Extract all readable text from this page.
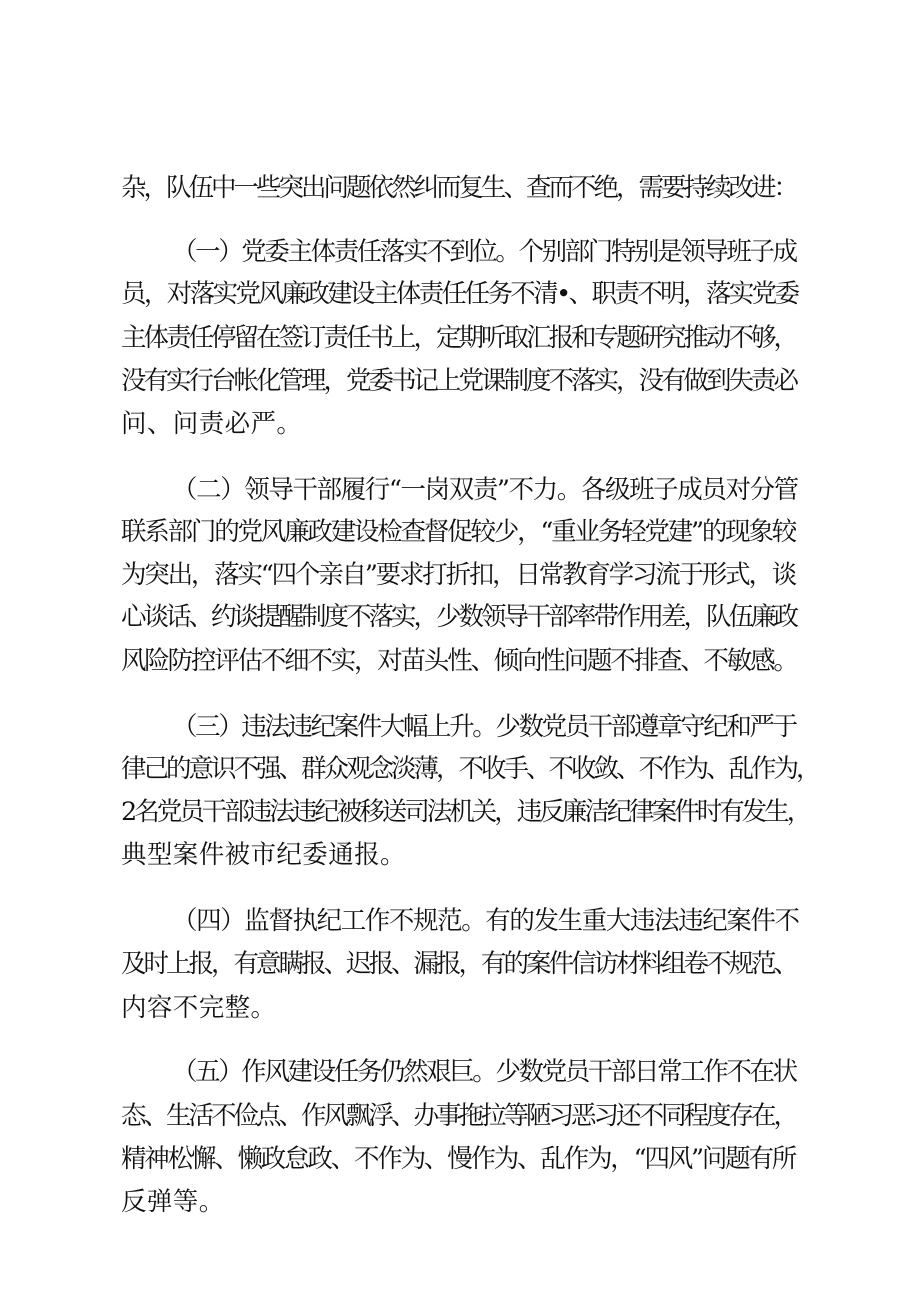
杂，队伍中一些突出问题依然纠而复生、查而不绝，需要持续改进：
（一）党委主体责任落实不到位。个别部门特别是领导班子成
员，对落实党风廉政建设主体责任任务不清•、职责不明，落实党委
主体责任停留在签订责任书上，定期听取汇报和专题研究推动不够，
没有实行台帐化管理，党委书记上党课制度不落实，没有做到失责必
问、问责必严。
（二）领导干部履行“一岗双责”不力。各级班子成员对分管
联系部门的党风廉政建设检查督促较少，“重业务轻党建”的现象较
为突出，落实“四个亲自”要求打折扣，日常教育学习流于形式，谈
心谈话、约谈提醒制度不落实，少数领导干部率带作用差，队伍廉政
风险防控评估不细不实，对苗头性、倾向性问题不排查、不敏感。
（三）违法违纪案件大幅上升。少数党员干部遵章守纪和严于
律己的意识不强、群众观念淡薄，不收手、不收敛、不作为、乱作为，
2名党员干部违法违纪被移送司法机关，违反廉洁纪律案件时有发生，
典型案件被市纪委通报。
（四）监督执纪工作不规范。有的发生重大违法违纪案件不
及时上报，有意瞒报、迟报、漏报，有的案件信访材料组卷不规范、
内容不完整。
（五）作风建设任务仍然艰巨。少数党员干部日常工作不在状
态、生活不俭点、作风飘浮、办事拖拉等陋习恶习还不同程度存在，
精神松懈、懒政怠政、不作为、慢作为、乱作为，“四风”问题有所
反弹等。
